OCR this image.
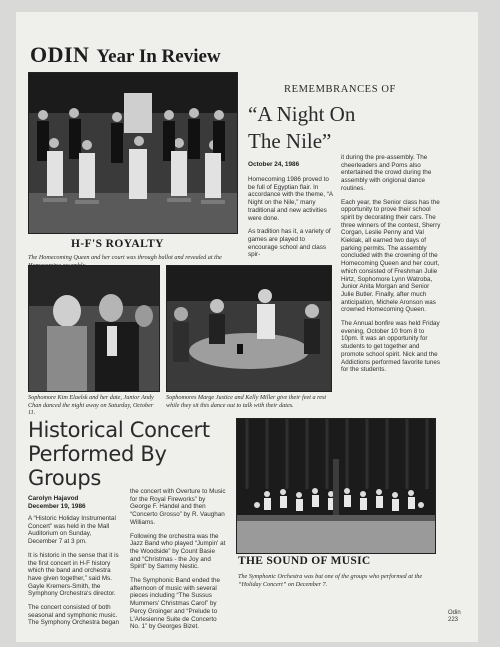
ODIN Year In Review
H-F'S ROYALTY
The Homecoming Queen and her court was through ballot and revealed at the
REMEMBRANCES OF
“A Night On
The Nile”
October 24, 1986

Homecoming 1986 proved to be full of Egyptian flair. In accordance with the theme, “A Night on the Nile,” many traditional and new activities were done.

As tradition has it, a variety of games are played to encourage school and class spir-

it during the pre-assembly. The cheerleaders and Poms also entertained the crowd during the assembly with origional dance routines.

Each year, the Senior class has the opportunity to prove their school spirit by decorating their cars. The three winners of the contest, Sherry Corgan, Leslie Penny and Val Kieklak, all earned two days of parking permits. The assembly concluded with the crowning of the Homecoming Queen and her court, which consisted of Freshman Julie Hirtz, Sophomore Lynn Watroba, Junior Anita Morgan and Senior Julie Butler. Finally, after much anticipation, Michele Aronson was crowned Homecoming Queen.

The Annual bonfire was held Friday evening, October 10 from 8 to 10pm. It was an opportunity for students to get together and promote school spirit. Nick and the Addictions performed favorite tunes for the students.

Sophomore Kim Elaelsk and her date, Junior Andy Chan danced the night away on Saturday, October 11.
Sophomores Marge Justice and Kelly Miller give their feet a rest while they sit this dance out to talk with their dates.
Historical Concert
Performed By
Groups
Carolyn Hajavod
December 19, 1986

A “Historic Holiday Instrumental Concert” was held in the Mall Auditorium on Sunday, December 7 at 3 pm.

It is historic in the sense that it is the first concert in H-F history which the band and orchestra have given together,” said Ms. Gayle Kremers-Smith, the Symphony Orchestra's director.

The concert consisted of both seasonal and symphonic music. The Symphony Orchestra began

the concert with Overture to Music for the Royal Fireworks” by George F. Handel and then “Concerto Grosso” by R. Vaughan Williams.

Following the orchestra was the Jazz Band who played “Jumpin' at the Woodside” by Count Basie and “Christmas - the Joy and Spirit” by Sammy Nestic.

The Symphonic Band ended the afternoon of music with several pieces including “The Sussus Mummers' Christmas Carol” by Percy Groinger and “Prelude to L'Arlesienne Suite de Concerto No. 1” by Georges Bizet.

THE SOUND OF MUSIC
The Symphonic Orchestra was but one of the groups who performed at the “Holiday Concert” on December 7.
Odin
223
